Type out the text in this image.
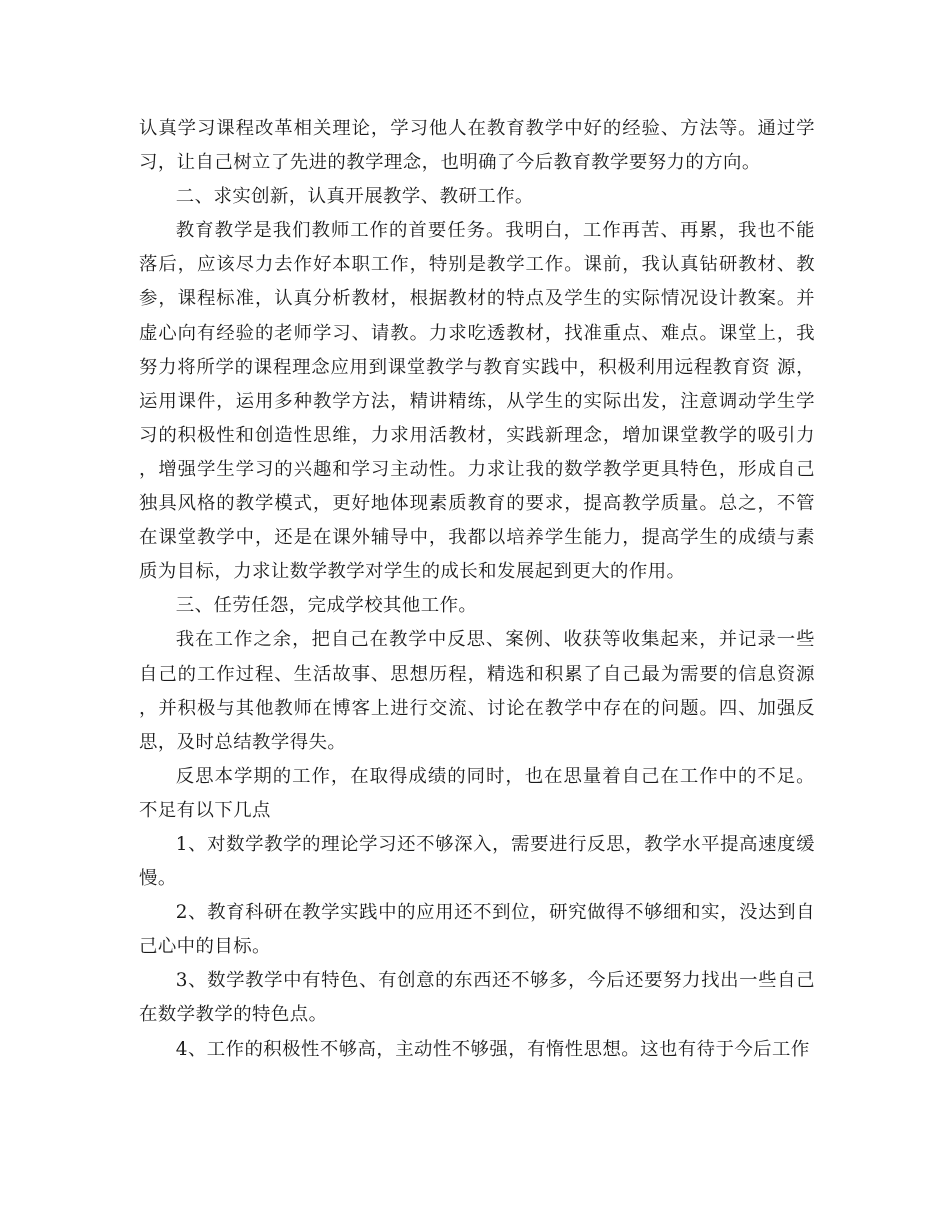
认真学习课程改革相关理论，学习他人在教育教学中好的经验、方法等。通过学习，让自己树立了先进的教学理念，也明确了今后教育教学要努力的方向。

二、求实创新，认真开展教学、教研工作。

教育教学是我们教师工作的首要任务。我明白，工作再苦、再累，我也不能落后，应该尽力去作好本职工作，特别是教学工作。课前，我认真钻研教材、教参，课程标准，认真分析教材，根据教材的特点及学生的实际情况设计教案。并虚心向有经验的老师学习、请教。力求吃透教材，找准重点、难点。课堂上，我努力将所学的课程理念应用到课堂教学与教育实践中，积极利用远程教育资 源，运用课件，运用多种教学方法，精讲精练，从学生的实际出发，注意调动学生学习的积极性和创造性思维，力求用活教材，实践新理念，增加课堂教学的吸引力，增强学生学习的兴趣和学习主动性。力求让我的数学教学更具特色，形成自己独具风格的教学模式，更好地体现素质教育的要求，提高教学质量。总之，不管在课堂教学中，还是在课外辅导中，我都以培养学生能力，提高学生的成绩与素质为目标，力求让数学教学对学生的成长和发展起到更大的作用。

三、任劳任怨，完成学校其他工作。

我在工作之余，把自己在教学中反思、案例、收获等收集起来，并记录一些自己的工作过程、生活故事、思想历程，精选和积累了自己最为需要的信息资源，并积极与其他教师在博客上进行交流、讨论在教学中存在的问题。四、加强反思，及时总结教学得失。

反思本学期的工作，在取得成绩的同时，也在思量着自己在工作中的不足。不足有以下几点

1、对数学教学的理论学习还不够深入，需要进行反思，教学水平提高速度缓慢。

2、教育科研在教学实践中的应用还不到位，研究做得不够细和实，没达到自己心中的目标。

3、数学教学中有特色、有创意的东西还不够多，今后还要努力找出一些自己在数学教学的特色点。

4、工作的积极性不够高，主动性不够强，有惰性思想。这也有待于今后工作
